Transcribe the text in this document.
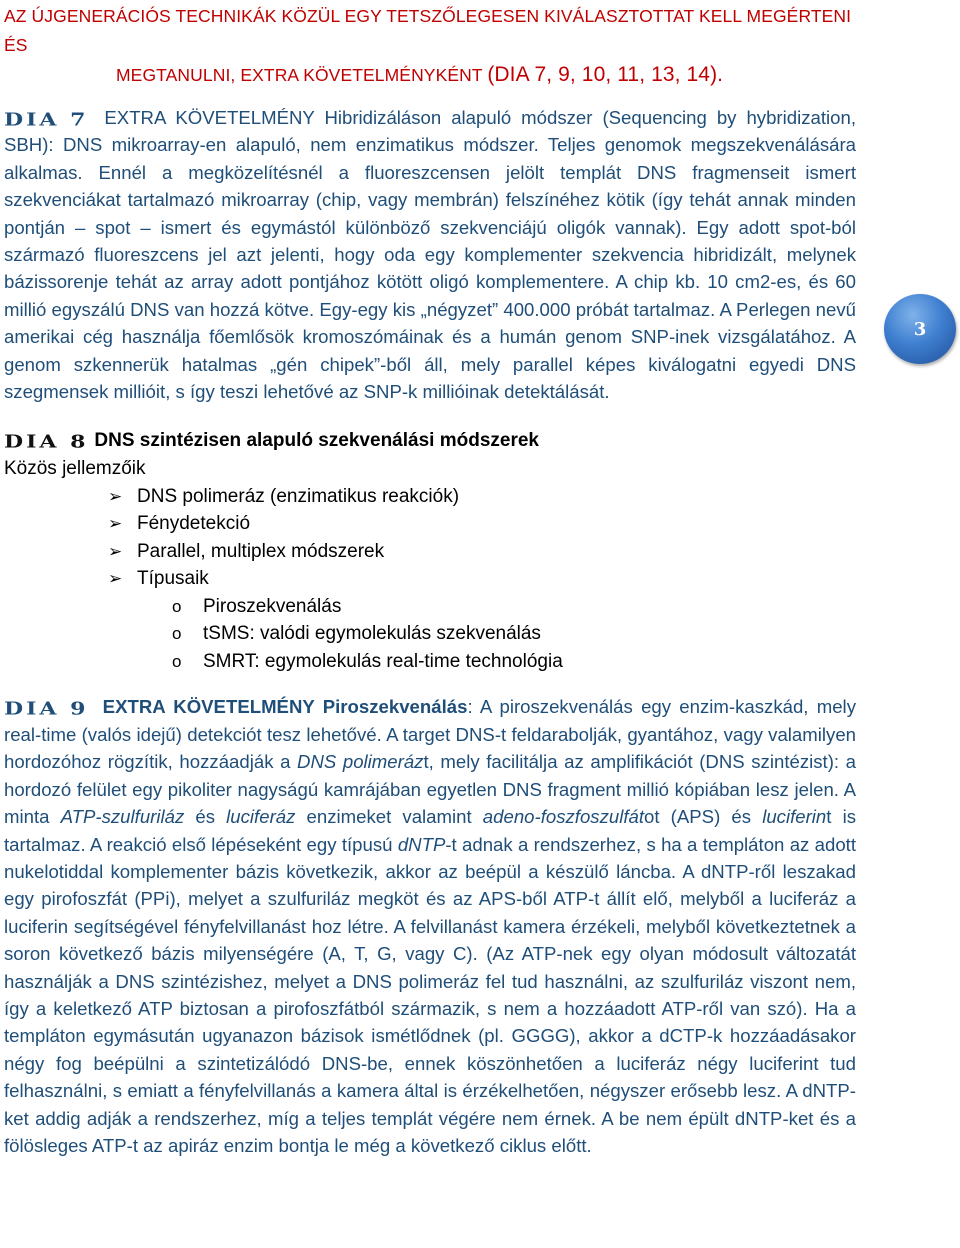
AZ ÚJGENERÁCIÓS TECHNIKÁK KÖZÜL EGY TETSZŐLEGESEN KIVÁLASZTOTTAT KELL MEGÉRTENI ÉS
MEGTANULNI, EXTRA KÖVETELMÉNYKÉNT (DIA 7, 9, 10, 11, 13, 14).

DIA 7 EXTRA KÖVETELMÉNY Hibridizáláson alapuló módszer (Sequencing by hybridization, SBH): DNS mikroarray-en alapuló, nem enzimatikus módszer. Teljes genomok megszekvenálására alkalmas. Ennél a megközelítésnél a fluoreszcensen jelölt templát DNS fragmenseit ismert szekvenciákat tartalmazó mikroarray (chip, vagy membrán) felszínéhez kötik (így tehát annak minden pontján – spot – ismert és egymástól különböző szekvenciájú oligók vannak). Egy adott spot-ból származó fluoreszcens jel azt jelenti, hogy oda egy komplementer szekvencia hibridizált, melynek bázissorenje tehát az array adott pontjához kötött oligó komplementere. A chip kb. 10 cm2-es, és 60 millió egyszálú DNS van hozzá kötve. Egy-egy kis „négyzet” 400.000 próbát tartalmaz. A Perlegen nevű amerikai cég használja főemlősök kromoszómáinak és a humán genom SNP-inek vizsgálatához. A genom szkennerük hatalmas „gén chipek”-ből áll, mely parallel képes kiválogatni egyedi DNS szegmensek millióit, s így teszi lehetővé az SNP-k millióinak detektálását.

DIA 8 DNS szintézisen alapuló szekvenálási módszerek
Közös jellemzőik
➢ DNS polimeráz (enzimatikus reakciók)
➢ Fénydetekció
➢ Parallel, multiplex módszerek
➢ Típusaik
o Piroszekvenálás
o tSMS: valódi egymolekulás szekvenálás
o SMRT: egymolekulás real-time technológia

DIA 9 EXTRA KÖVETELMÉNY Piroszekvenálás: A piroszekvenálás egy enzim-kaszkád, mely real-time (valós idejű) detekciót tesz lehetővé. A target DNS-t feldarabolják, gyantához, vagy valamilyen hordozóhoz rögzítik, hozzáadják a DNS polimerázt, mely facilitálja az amplifikációt (DNS szintézist): a hordozó felület egy pikoliter nagyságú kamrájában egyetlen DNS fragment millió kópiában lesz jelen. A minta ATP-szulfuriláz és luciferáz enzimeket valamint adeno-foszfoszulfátot (APS) és luciferint is tartalmaz. A reakció első lépéseként egy típusú dNTP-t adnak a rendszerhez, s ha a templáton az adott nukelotiddal komplementer bázis következik, akkor az beépül a készülő láncba. A dNTP-ről leszakad egy pirofoszfát (PPi), melyet a szulfuriláz megköt és az APS-ből ATP-t állít elő, melyből a luciferáz a luciferin segítségével fényfelvillanást hoz létre. A felvillanást kamera érzékeli, melyből következtetnek a soron következő bázis milyenségére (A, T, G, vagy C). (Az ATP-nek egy olyan módosult változatát használják a DNS szintézishez, melyet a DNS polimeráz fel tud használni, az szulfuriláz viszont nem, így a keletkező ATP biztosan a pirofoszfátból származik, s nem a hozzáadott ATP-ről van szó). Ha a templáton egymásután ugyanazon bázisok ismétlődnek (pl. GGGG), akkor a dCTP-k hozzáadásakor négy fog beépülni a szintetizálódó DNS-be, ennek köszönhetően a luciferáz négy luciferint tud felhasználni, s emiatt a fényfelvillanás a kamera által is érzékelhetően, négyszer erősebb lesz. A dNTP-ket addig adják a rendszerhez, míg a teljes templát végére nem érnek. A be nem épült dNTP-ket és a fölösleges ATP-t az apiráz enzim bontja le még a következő ciklus előtt.

3
